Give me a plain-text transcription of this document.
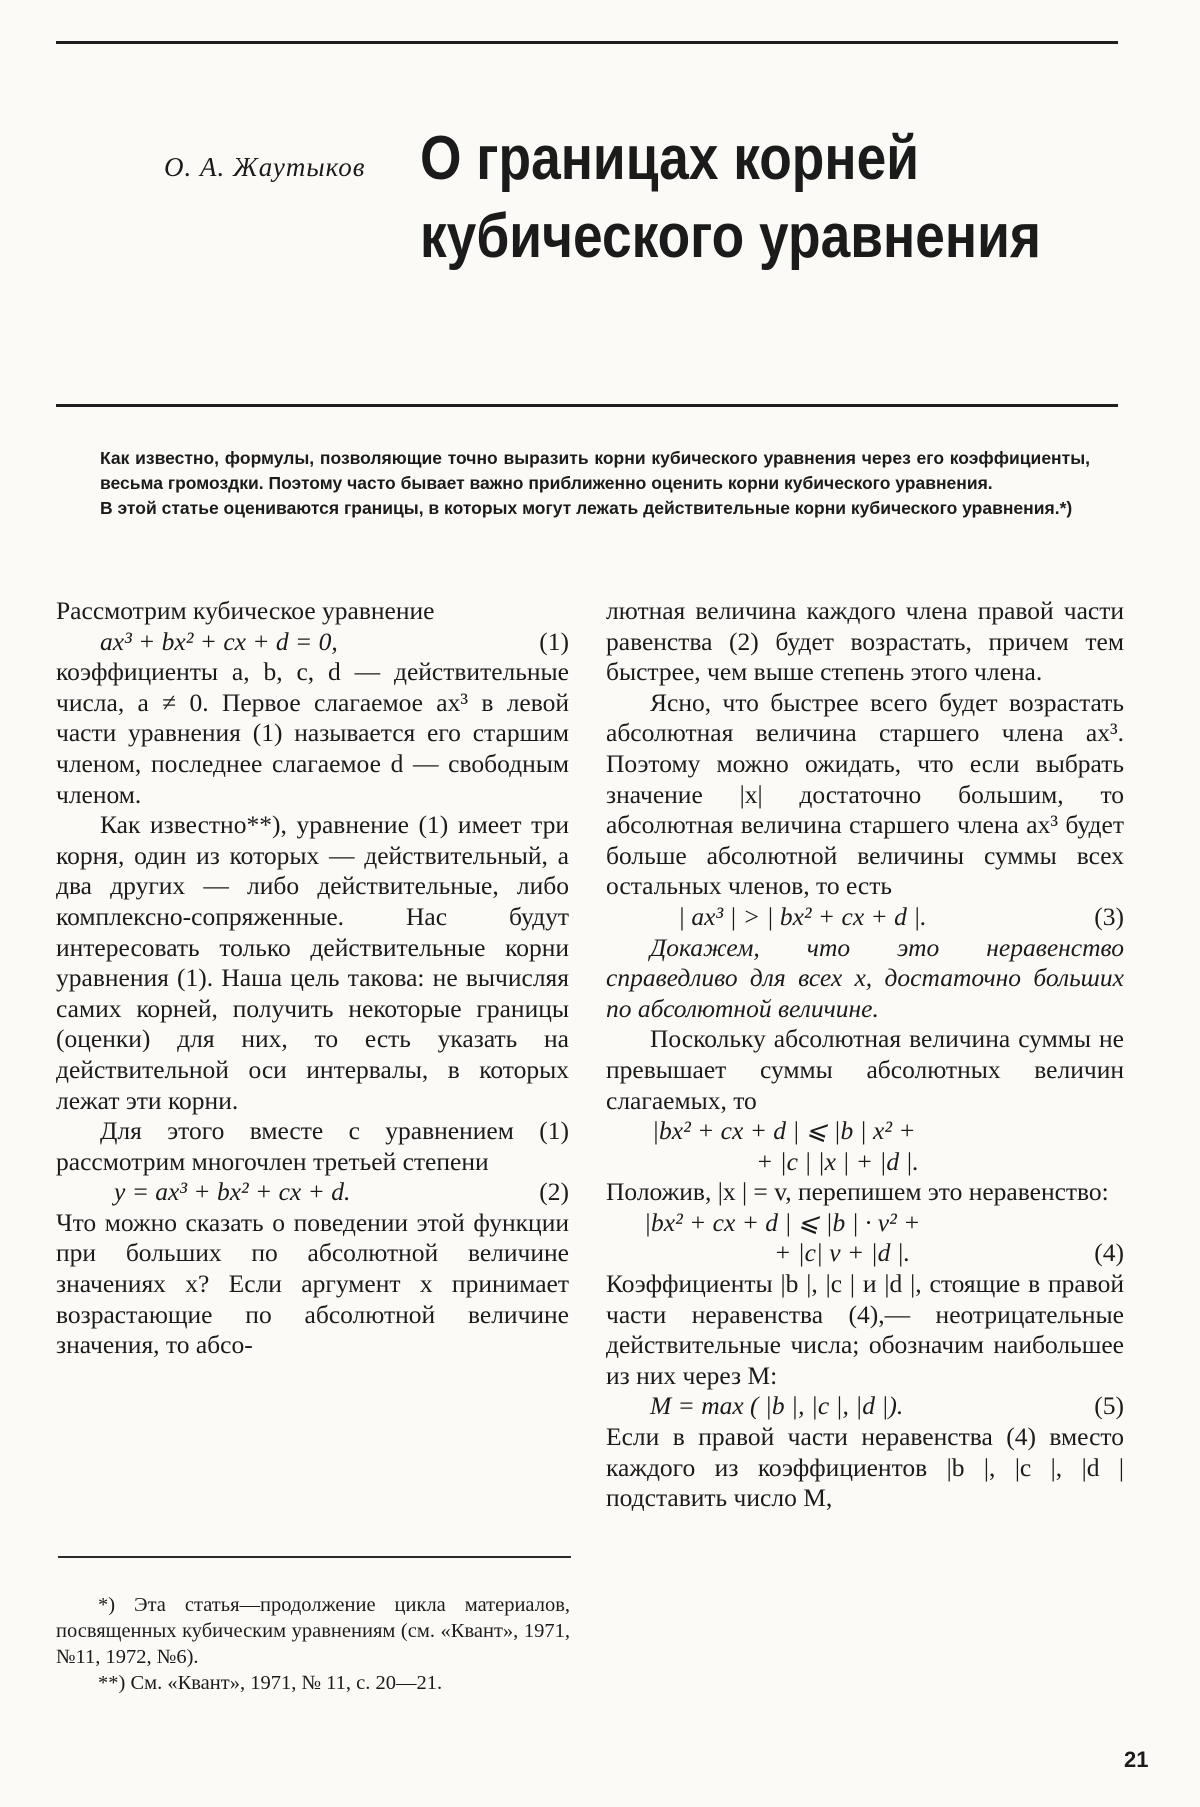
О. А. Жаутыков О границах корней
кубического уравнения

Как известно, формулы, позволяющие точно выразить корни кубического уравнения через его коэффициенты, весьма громоздки. Поэтому часто бывает важно приближенно оценить корни кубического уравнения.

В этой статье оцениваются границы, в которых могут лежать действительные корни кубического уравнения.*)

Рассмотрим кубическое уравнение

ax³ + bx² + cx + d = 0,	(1)

коэффициенты a, b, c, d — действительные числа, a ≠ 0. Первое слагаемое ax³ в левой части уравнения (1) называется его старшим членом, последнее слагаемое d — свободным членом.

Как известно**), уравнение (1) имеет три корня, один из которых — действительный, а два других — либо действительные, либо комплексно-сопряженные. Нас будут интересовать только действительные корни уравнения (1). Наша цель такова: не вычисляя самих корней, получить некоторые границы (оценки) для них, то есть указать на действительной оси интервалы, в которых лежат эти корни.

Для этого вместе с уравнением (1) рассмотрим многочлен третьей степени

y = ax³ + bx² + cx + d.	(2)

Что можно сказать о поведении этой функции при больших по абсолютной величине значениях x? Если аргумент x принимает возрастающие по абсолютной величине значения, то абсо-

лютная величина каждого члена правой части равенства (2) будет возрастать, причем тем быстрее, чем выше степень этого члена.

Ясно, что быстрее всего будет возрастать абсолютная величина старшего члена ax³. Поэтому можно ожидать, что если выбрать значение |x| достаточно большим, то абсолютная величина старшего члена ax³ будет больше абсолютной величины суммы всех остальных членов, то есть

| ax³ | > | bx² + cx + d |.	(3)

Докажем, что это неравенство справедливо для всех x, достаточно больших по абсолютной величине.

Поскольку абсолютная величина суммы не превышает суммы абсолютных величин слагаемых, то

|bx² + cx + d | ⩽ |b | x² +
+ |c | |x | + |d |.

Положив, |x | = v, перепишем это неравенство:

|bx² + cx + d | ⩽ |b | · v² +
+ |c| v + |d |.	(4)

Коэффициенты |b |, |c | и |d |, стоящие в правой части неравенства (4),— неотрицательные действительные числа; обозначим наибольшее из них через M:

M = max ( |b |, |c |, |d |).	(5)

Если в правой части неравенства (4) вместо каждого из коэффициентов |b |, |c |, |d | подставить число M,

*) Эта статья—продолжение цикла материалов, посвященных кубическим уравнениям (см. «Квант», 1971, №11, 1972, №6).

**) См. «Квант», 1971, № 11, с. 20—21.

21
